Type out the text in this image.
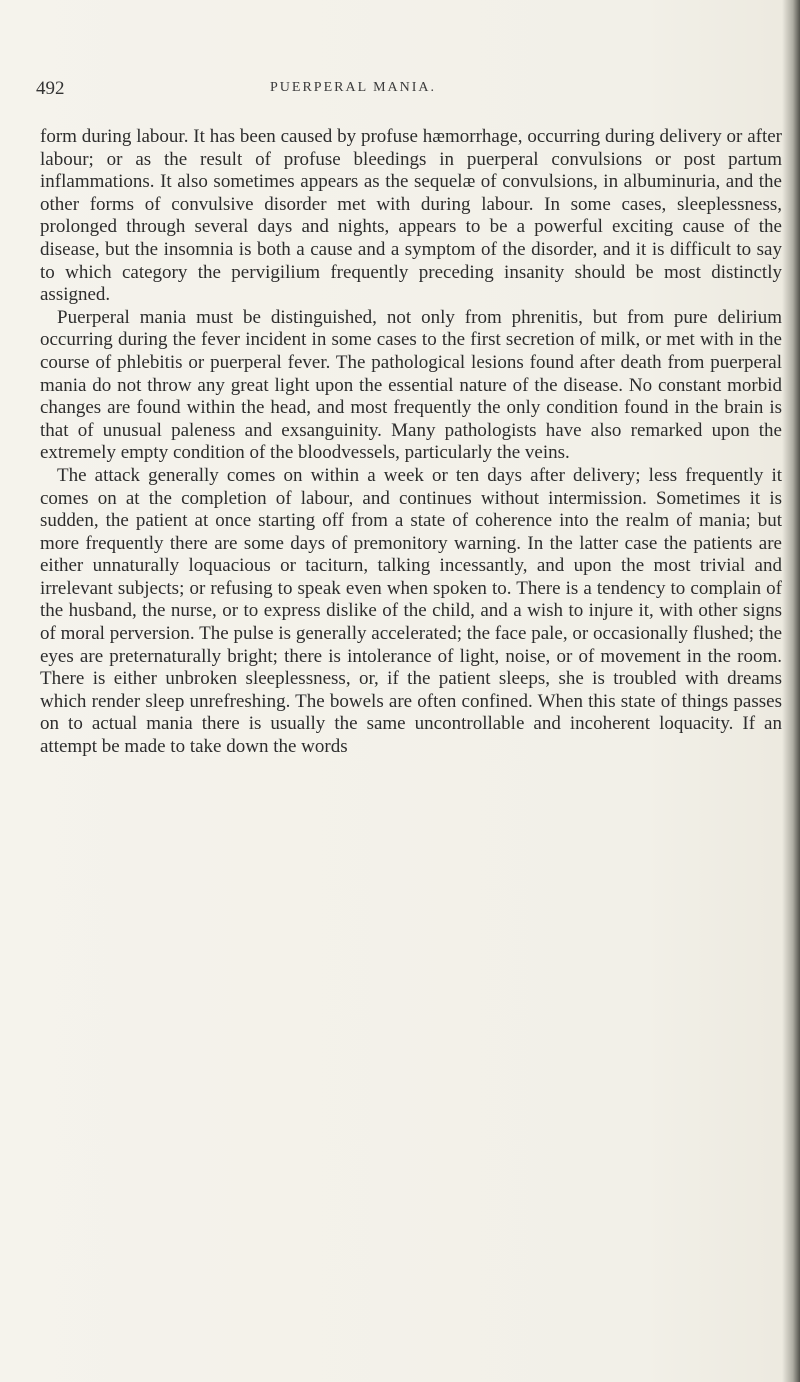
492	PUERPERAL MANIA.

form during labour. It has been caused by profuse hæmorrhage, occurring during delivery or after labour; or as the result of profuse bleedings in puerperal convulsions or post partum inflammations. It also sometimes appears as the sequelæ of convulsions, in albuminuria, and the other forms of convulsive disorder met with during labour. In some cases, sleeplessness, prolonged through several days and nights, appears to be a powerful exciting cause of the disease, but the insomnia is both a cause and a symptom of the disorder, and it is difficult to say to which category the pervigilium frequently preceding insanity should be most distinctly assigned.

Puerperal mania must be distinguished, not only from phrenitis, but from pure delirium occurring during the fever incident in some cases to the first secretion of milk, or met with in the course of phlebitis or puerperal fever. The pathological lesions found after death from puerperal mania do not throw any great light upon the essential nature of the disease. No constant morbid changes are found within the head, and most frequently the only condition found in the brain is that of unusual paleness and exsanguinity. Many pathologists have also remarked upon the extremely empty condition of the bloodvessels, particularly the veins.

The attack generally comes on within a week or ten days after delivery; less frequently it comes on at the completion of labour, and continues without intermission. Sometimes it is sudden, the patient at once starting off from a state of coherence into the realm of mania; but more frequently there are some days of premonitory warning. In the latter case the patients are either unnaturally loquacious or taciturn, talking incessantly, and upon the most trivial and irrelevant subjects; or refusing to speak even when spoken to. There is a tendency to complain of the husband, the nurse, or to express dislike of the child, and a wish to injure it, with other signs of moral perversion. The pulse is generally accelerated; the face pale, or occasionally flushed; the eyes are preternaturally bright; there is intolerance of light, noise, or of movement in the room. There is either unbroken sleeplessness, or, if the patient sleeps, she is troubled with dreams which render sleep unrefreshing. The bowels are often confined. When this state of things passes on to actual mania there is usually the same uncontrollable and incoherent loquacity. If an attempt be made to take down the words
